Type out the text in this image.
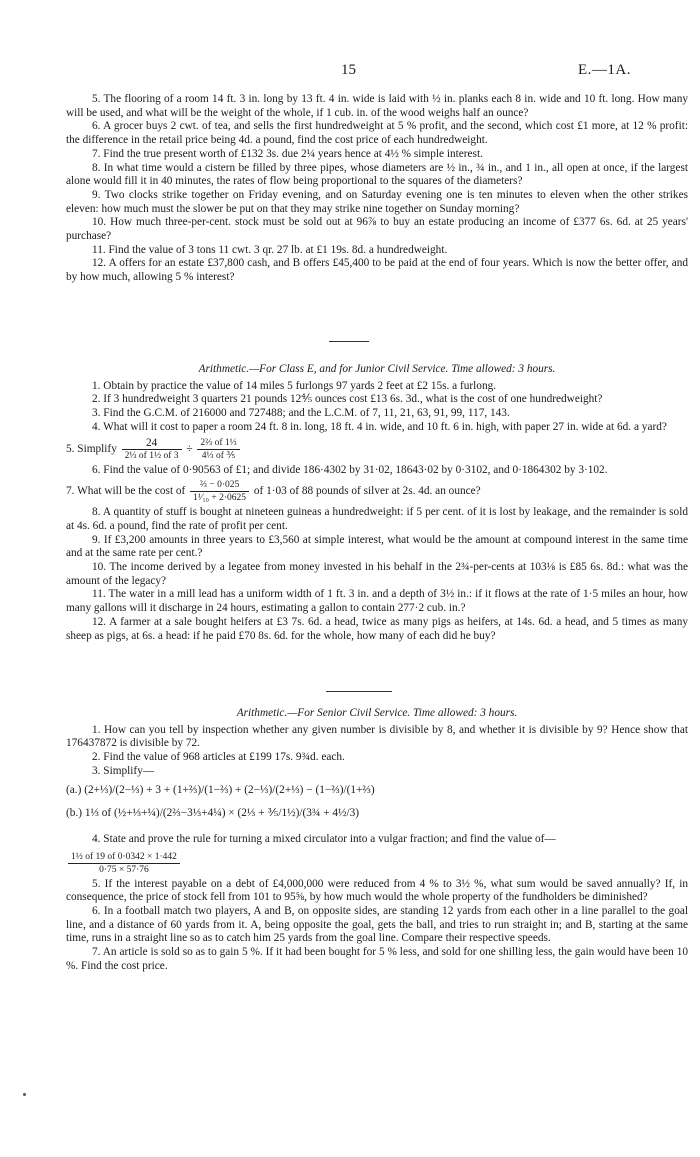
15	E.—1A.

5. The flooring of a room 14 ft. 3 in. long by 13 ft. 4 in. wide is laid with ½ in. planks each 8 in. wide and 10 ft. long. How many will be used, and what will be the weight of the whole, if 1 cub. in. of the wood weighs half an ounce?

6. A grocer buys 2 cwt. of tea, and sells the first hundredweight at 5 % profit, and the second, which cost £1 more, at 12 % profit: the difference in the retail price being 4d. a pound, find the cost price of each hundredweight.

7. Find the true present worth of £132 3s. due 2¼ years hence at 4½ % simple interest.

8. In what time would a cistern be filled by three pipes, whose diameters are ½ in., ¾ in., and 1 in., all open at once, if the largest alone would fill it in 40 minutes, the rates of flow being proportional to the squares of the diameters?

9. Two clocks strike together on Friday evening, and on Saturday evening one is ten minutes to eleven when the other strikes eleven: how much must the slower be put on that they may strike nine together on Sunday morning?

10. How much three-per-cent. stock must be sold out at 96⅞ to buy an estate producing an income of £377 6s. 6d. at 25 years' purchase?

11. Find the value of 3 tons 11 cwt. 3 qr. 27 lb. at £1 19s. 8d. a hundredweight.

12. A offers for an estate £37,800 cash, and B offers £45,400 to be paid at the end of four years. Which is now the better offer, and by how much, allowing 5 % interest?

Arithmetic.—For Class E, and for Junior Civil Service. Time allowed: 3 hours.

1. Obtain by practice the value of 14 miles 5 furlongs 97 yards 2 feet at £2 15s. a furlong.

2. If 3 hundredweight 3 quarters 21 pounds 12⅘ ounces cost £13 6s. 3d., what is the cost of one hundredweight?

3. Find the G.C.M. of 216000 and 727488; and the L.C.M. of 7, 11, 21, 63, 91, 99, 117, 143.

4. What will it cost to paper a room 24 ft. 8 in. long, 18 ft. 4 in. wide, and 10 ft. 6 in. high, with paper 27 in. wide at 6d. a yard?

5. Simplify $\frac{24}{\text{2⅓ of 1½ of 3}} \div \frac{\text{2⅔ of 1⅓}}{\text{4⅓ of ⅗}}$

6. Find the value of 0·90563 of £1; and divide 186·4302 by 31·02, 18643·02 by 0·3102, and 0·1864302 by 3·102.

7. What will be the cost of $\frac{\text{⅔ − 0·025}}{\text{1¹⁄₁₀ + 2·0625}}$ of 1·03 of 88 pounds of silver at 2s. 4d. an ounce?

8. A quantity of stuff is bought at nineteen guineas a hundredweight: if 5 per cent. of it is lost by leakage, and the remainder is sold at 4s. 6d. a pound, find the rate of profit per cent.

9. If £3,200 amounts in three years to £3,560 at simple interest, what would be the amount at compound interest in the same time and at the same rate per cent.?

10. The income derived by a legatee from money invested in his behalf in the 2¾-per-cents at 103⅛ is £85 6s. 8d.: what was the amount of the legacy?

11. The water in a mill lead has a uniform width of 1 ft. 3 in. and a depth of 3½ in.: if it flows at the rate of 1·5 miles an hour, how many gallons will it discharge in 24 hours, estimating a gallon to contain 277·2 cub. in.?

12. A farmer at a sale bought heifers at £3 7s. 6d. a head, twice as many pigs as heifers, at 14s. 6d. a head, and 5 times as many sheep as pigs, at 6s. a head: if he paid £70 8s. 6d. for the whole, how many of each did he buy?

Arithmetic.—For Senior Civil Service. Time allowed: 3 hours.

1. How can you tell by inspection whether any given number is divisible by 8, and whether it is divisible by 9? Hence show that 176437872 is divisible by 72.

2. Find the value of 968 articles at £199 17s. 9¾d. each.

3. Simplify—

(a.) (2+⅓)/(2−⅓) + 3 + (1+⅔)/(1−⅔) + (2−⅓)/(2+⅓) − (1−⅔)/(1+⅔)

(b.) 1⅓ of (½+⅓+¼)/(2⅔−3⅓+4¼) × (2⅓ + ⅗/1½)/(3¾ + 4½/3)

4. State and prove the rule for turning a mixed circulator into a vulgar fraction; and find the value of—

$\frac{\text{1½ of 19 of 0·0342 × 1·442}}{0\cdot 75 \times 57\cdot 76}$

5. If the interest payable on a debt of £4,000,000 were reduced from 4 % to 3½ %, what sum would be saved annually? If, in consequence, the price of stock fell from 101 to 95⅝, by how much would the whole property of the fundholders be diminished?

6. In a football match two players, A and B, on opposite sides, are standing 12 yards from each other in a line parallel to the goal line, and a distance of 60 yards from it. A, being opposite the goal, gets the ball, and tries to run straight in; and B, starting at the same time, runs in a straight line so as to catch him 25 yards from the goal line. Compare their respective speeds.

7. An article is sold so as to gain 5 %. If it had been bought for 5 % less, and sold for one shilling less, the gain would have been 10 %. Find the cost price.
